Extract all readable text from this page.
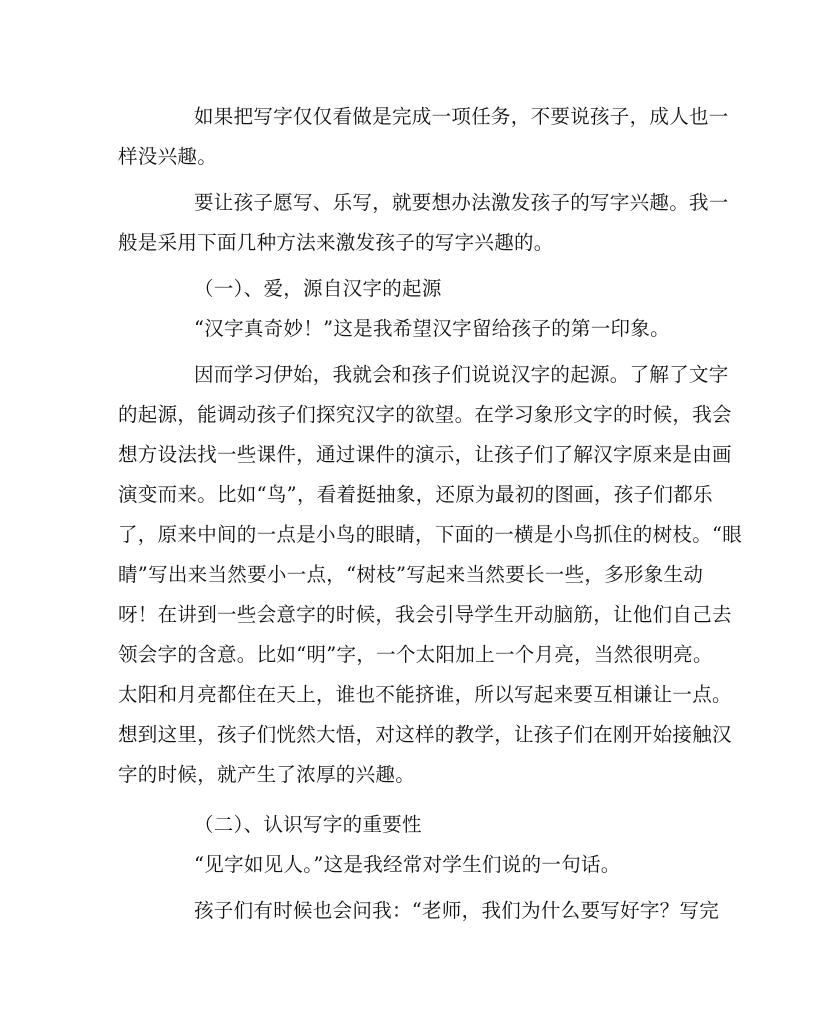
如果把写字仅仅看做是完成一项任务，不要说孩子，成人也一
样没兴趣。
要让孩子愿写、乐写，就要想办法激发孩子的写字兴趣。我一
般是采用下面几种方法来激发孩子的写字兴趣的。
（一）、爱，源自汉字的起源
“汉字真奇妙！”这是我希望汉字留给孩子的第一印象。
因而学习伊始，我就会和孩子们说说汉字的起源。了解了文字
的起源，能调动孩子们探究汉字的欲望。在学习象形文字的时候，我会
想方设法找一些课件，通过课件的演示，让孩子们了解汉字原来是由画
演变而来。比如“鸟”，看着挺抽象，还原为最初的图画，孩子们都乐
了，原来中间的一点是小鸟的眼睛，下面的一横是小鸟抓住的树枝。“眼
睛”写出来当然要小一点，“树枝”写起来当然要长一些，多形象生动
呀！在讲到一些会意字的时候，我会引导学生开动脑筋，让他们自己去
领会字的含意。比如“明”字，一个太阳加上一个月亮，当然很明亮。
太阳和月亮都住在天上，谁也不能挤谁，所以写起来要互相谦让一点。
想到这里，孩子们恍然大悟，对这样的教学，让孩子们在刚开始接触汉
字的时候，就产生了浓厚的兴趣。
（二）、认识写字的重要性
“见字如见人。”这是我经常对学生们说的一句话。
孩子们有时候也会问我：“老师，我们为什么要写好字？写完
